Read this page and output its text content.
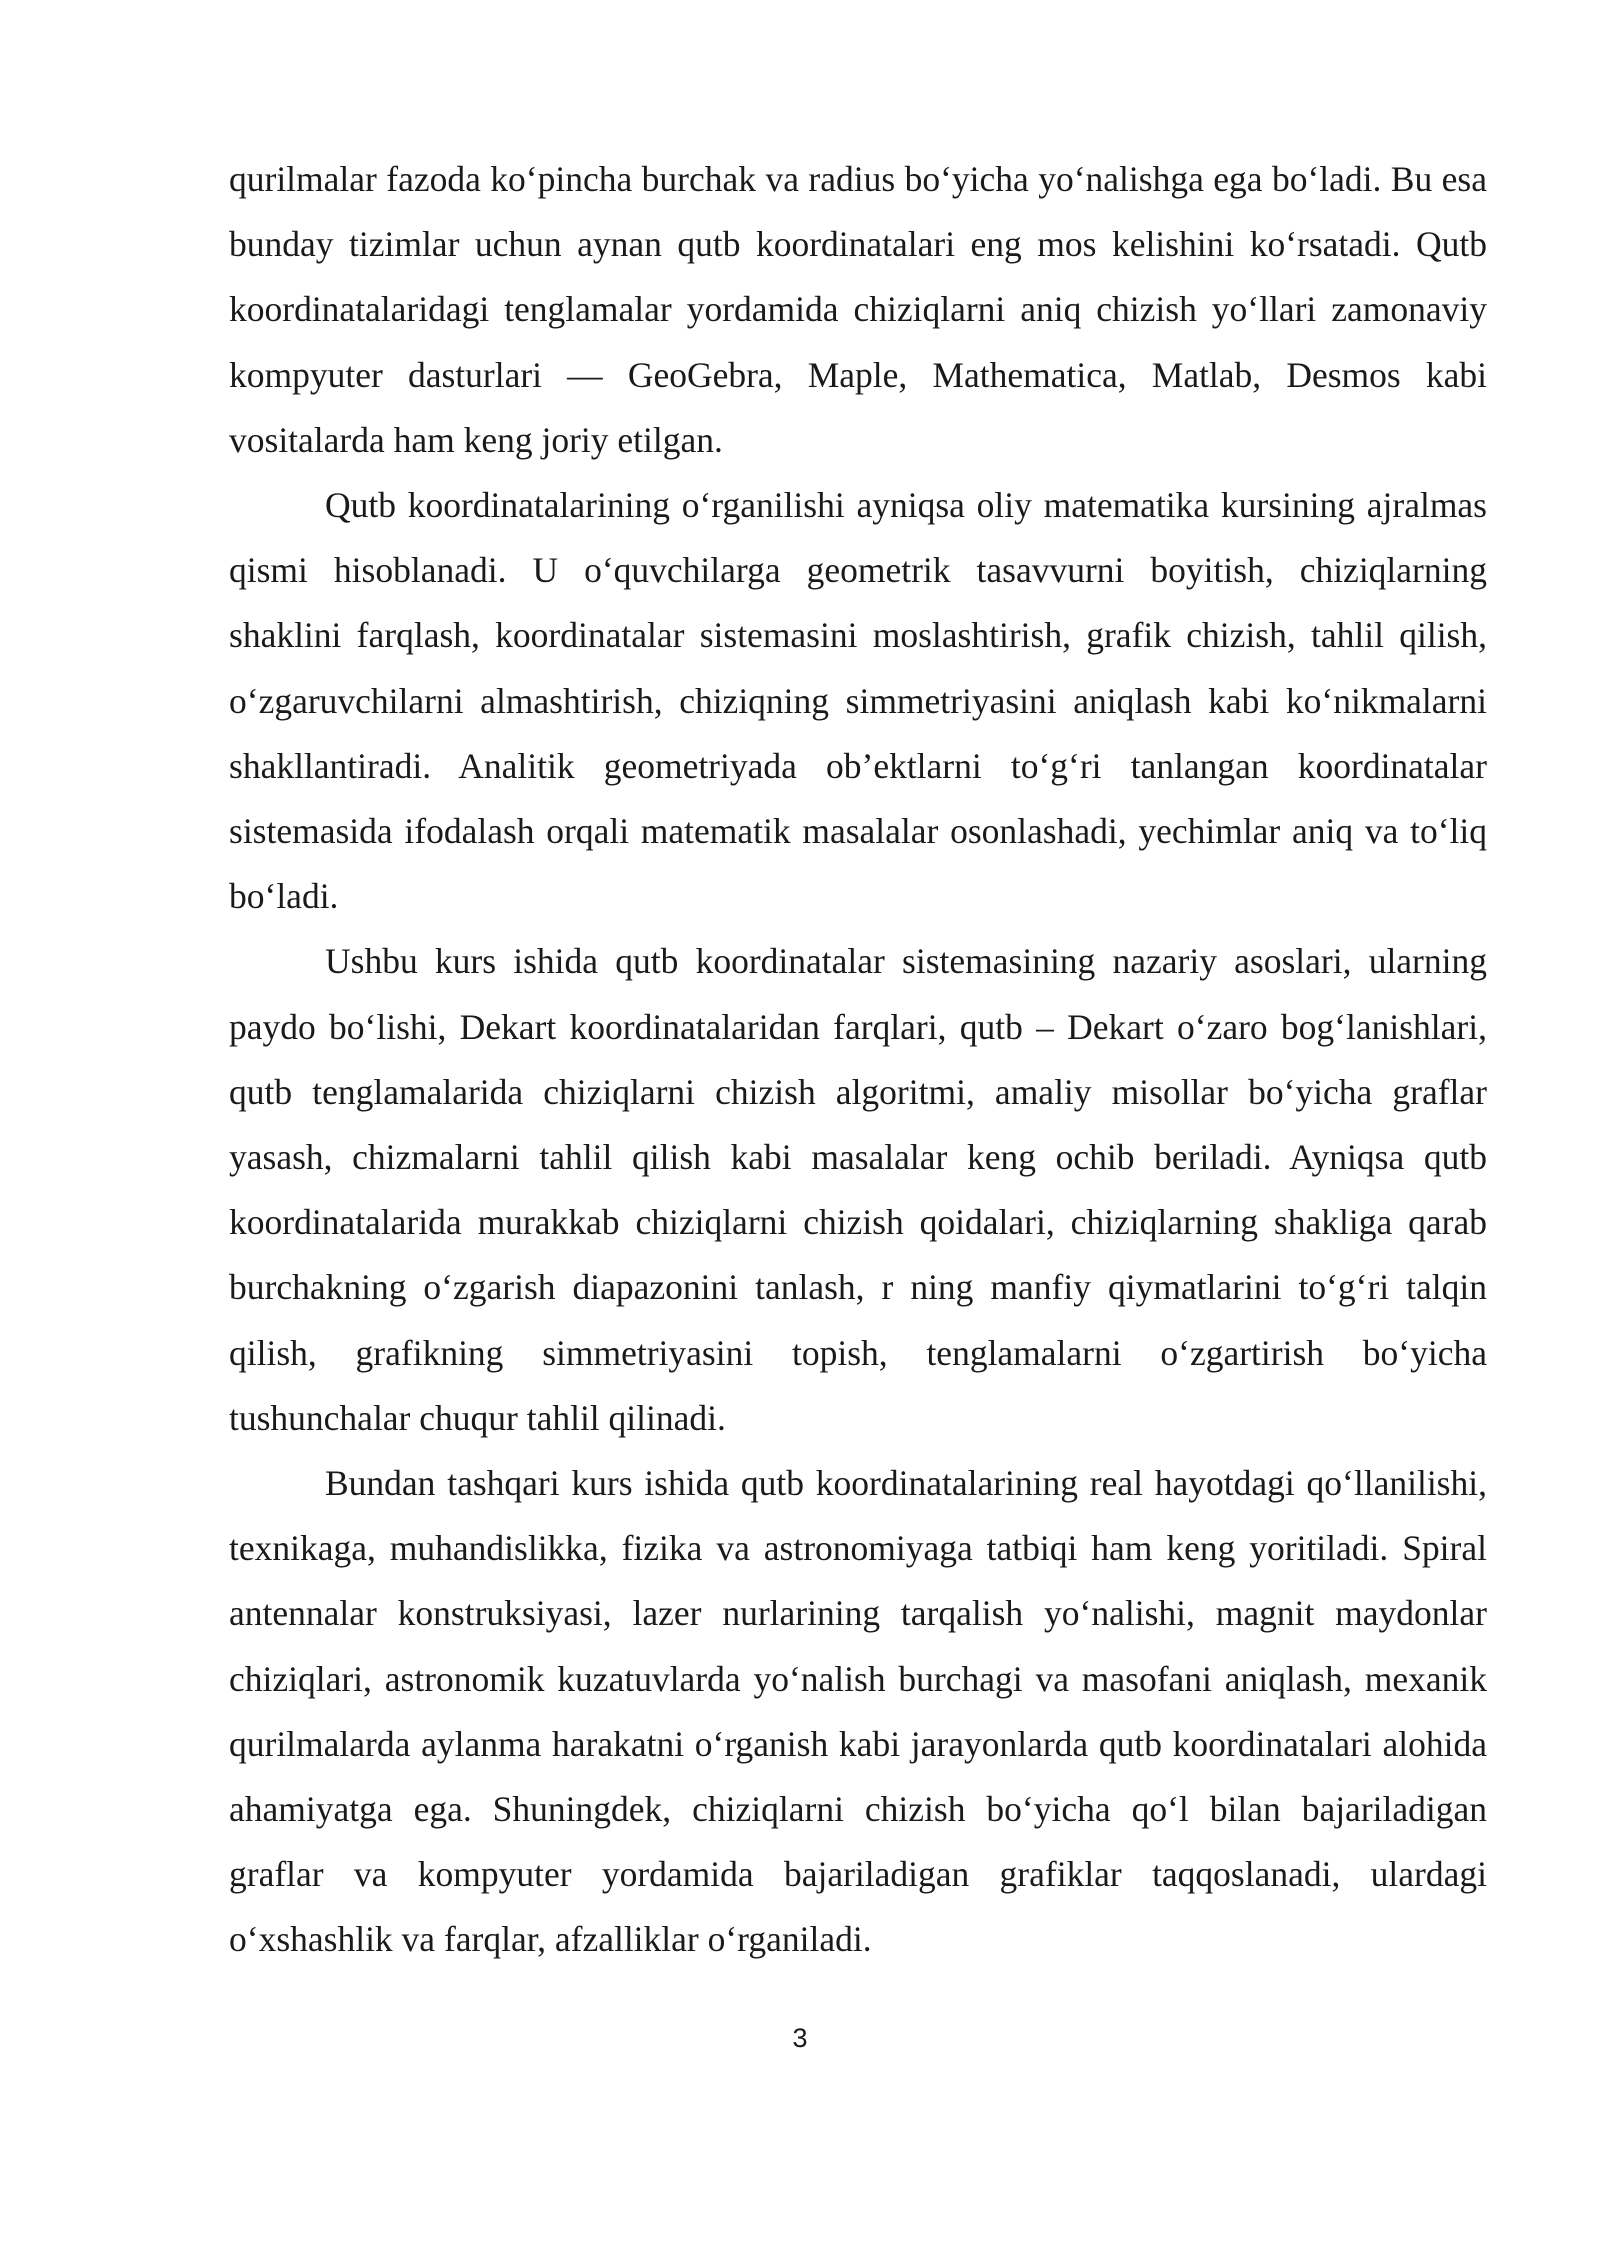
qurilmalar fazoda ko‘pincha burchak va radius bo‘yicha yo‘nalishga ega bo‘ladi. Bu esa bunday tizimlar uchun aynan qutb koordinatalari eng mos kelishini ko‘rsatadi. Qutb koordinatalaridagi tenglamalar yordamida chiziqlarni aniq chizish yo‘llari zamonaviy kompyuter dasturlari — GeoGebra, Maple, Mathematica, Matlab, Desmos kabi vositalarda ham keng joriy etilgan.

Qutb koordinatalarining o‘rganilishi ayniqsa oliy matematika kursining ajralmas qismi hisoblanadi. U o‘quvchilarga geometrik tasavvurni boyitish, chiziqlarning shaklini farqlash, koordinatalar sistemasini moslashtirish, grafik chizish, tahlil qilish, o‘zgaruvchilarni almashtirish, chiziqning simmetriyasini aniqlash kabi ko‘nikmalarni shakllantiradi. Analitik geometriyada ob’ektlarni to‘g‘ri tanlangan koordinatalar sistemasida ifodalash orqali matematik masalalar osonlashadi, yechimlar aniq va to‘liq bo‘ladi.

Ushbu kurs ishida qutb koordinatalar sistemasining nazariy asoslari, ularning paydo bo‘lishi, Dekart koordinatalaridan farqlari, qutb – Dekart o‘zaro bog‘lanishlari, qutb tenglamalarida chiziqlarni chizish algoritmi, amaliy misollar bo‘yicha graflar yasash, chizmalarni tahlil qilish kabi masalalar keng ochib beriladi. Ayniqsa qutb koordinatalarida murakkab chiziqlarni chizish qoidalari, chiziqlarning shakliga qarab burchakning o‘zgarish diapazonini tanlash, r ning manfiy qiymatlarini to‘g‘ri talqin qilish, grafikning simmetriyasini topish, tenglamalarni o‘zgartirish bo‘yicha tushunchalar chuqur tahlil qilinadi.

Bundan tashqari kurs ishida qutb koordinatalarining real hayotdagi qo‘llanilishi, texnikaga, muhandislikka, fizika va astronomiyaga tatbiqi ham keng yoritiladi. Spiral antennalar konstruksiyasi, lazer nurlarining tarqalish yo‘nalishi, magnit maydonlar chiziqlari, astronomik kuzatuvlarda yo‘nalish burchagi va masofani aniqlash, mexanik qurilmalarda aylanma harakatni o‘rganish kabi jarayonlarda qutb koordinatalari alohida ahamiyatga ega. Shuningdek, chiziqlarni chizish bo‘yicha qo‘l bilan bajariladigan graflar va kompyuter yordamida bajariladigan grafiklar taqqoslanadi, ulardagi o‘xshashlik va farqlar, afzalliklar o‘rganiladi.

3
